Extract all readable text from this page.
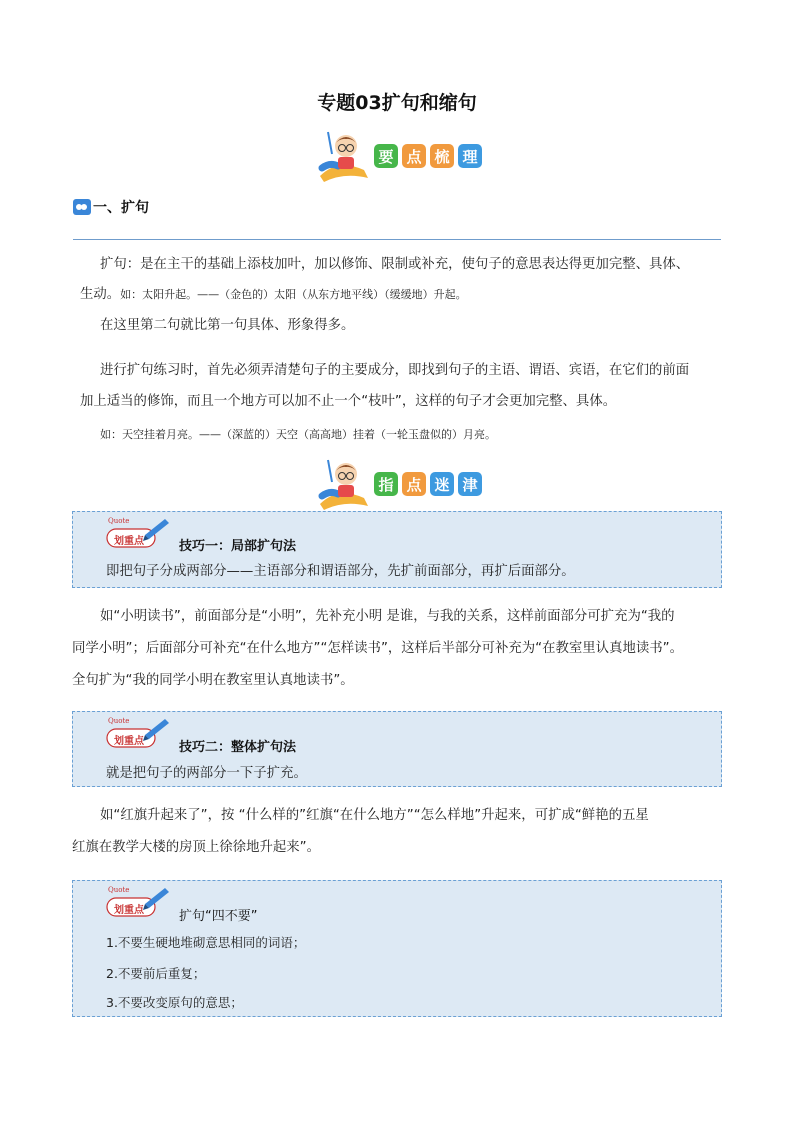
专题03扩句和缩句
要 点 梳 理
一、扩句
扩句：是在主干的基础上添枝加叶，加以修饰、限制或补充，使句子的意思表达得更加完整、具体、
生动。如：太阳升起。——（金色的）太阳（从东方地平线）（缓缓地）升起。
在这里第二句就比第一句具体、形象得多。
进行扩句练习时，首先必须弄清楚句子的主要成分，即找到句子的主语、谓语、宾语，在它们的前面
加上适当的修饰，而且一个地方可以加不止一个“枝叶”，这样的句子才会更加完整、具体。
如：天空挂着月亮。——（深蓝的）天空（高高地）挂着（一轮玉盘似的）月亮。
指 点 迷 津
Quote
划重点	技巧一：局部扩句法
即把句子分成两部分——主语部分和谓语部分，先扩前面部分，再扩后面部分。
如“小明读书”，前面部分是“小明”，先补充小明 是谁，与我的关系，这样前面部分可扩充为“我的
同学小明”；后面部分可补充“在什么地方”“怎样读书”，这样后半部分可补充为“在教室里认真地读书”。
全句扩为“我的同学小明在教室里认真地读书”。
Quote
划重点	技巧二：整体扩句法
就是把句子的两部分一下子扩充。
如“红旗升起来了”，按 “什么样的”红旗“在什么地方”“怎么样地”升起来，可扩成“鲜艳的五星
红旗在教学大楼的房顶上徐徐地升起来”。
Quote
划重点	扩句“四不要”
1.不要生硬地堆砌意思相同的词语；
2.不要前后重复；
3.不要改变原句的意思；
